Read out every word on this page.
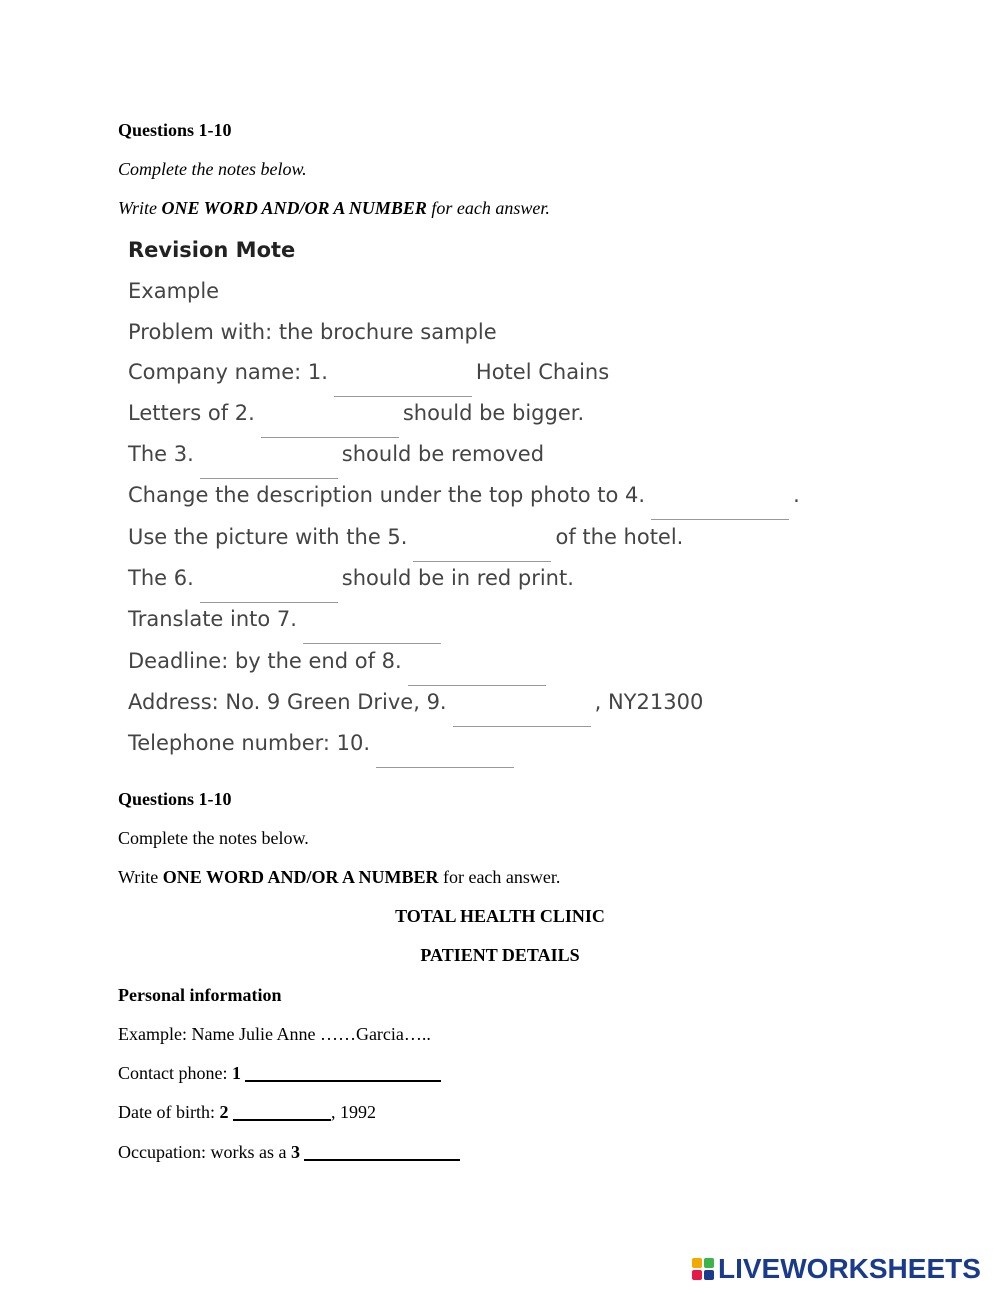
Questions 1-10
Complete the notes below.
Write ONE WORD AND/OR A NUMBER for each answer.
Revision Mote
Example
Problem with: the brochure sample
Company name: 1.	Hotel Chains
Letters of 2.	should be bigger.
The 3.	should be removed
Change the description under the top photo to 4.	.
Use the picture with the 5.	of the hotel.
The 6.	should be in red print.
Translate into 7.
Deadline: by the end of 8.
Address: No. 9 Green Drive, 9.	, NY21300
Telephone number: 10.
Questions 1-10
Complete the notes below.
Write ONE WORD AND/OR A NUMBER for each answer.
TOTAL HEALTH CLINIC
PATIENT DETAILS
Personal information
Example: Name Julie Anne ……Garcia…..
Contact phone: 1
Date of birth: 2	, 1992
Occupation: works as a 3
LIVEWORKSHEETS
